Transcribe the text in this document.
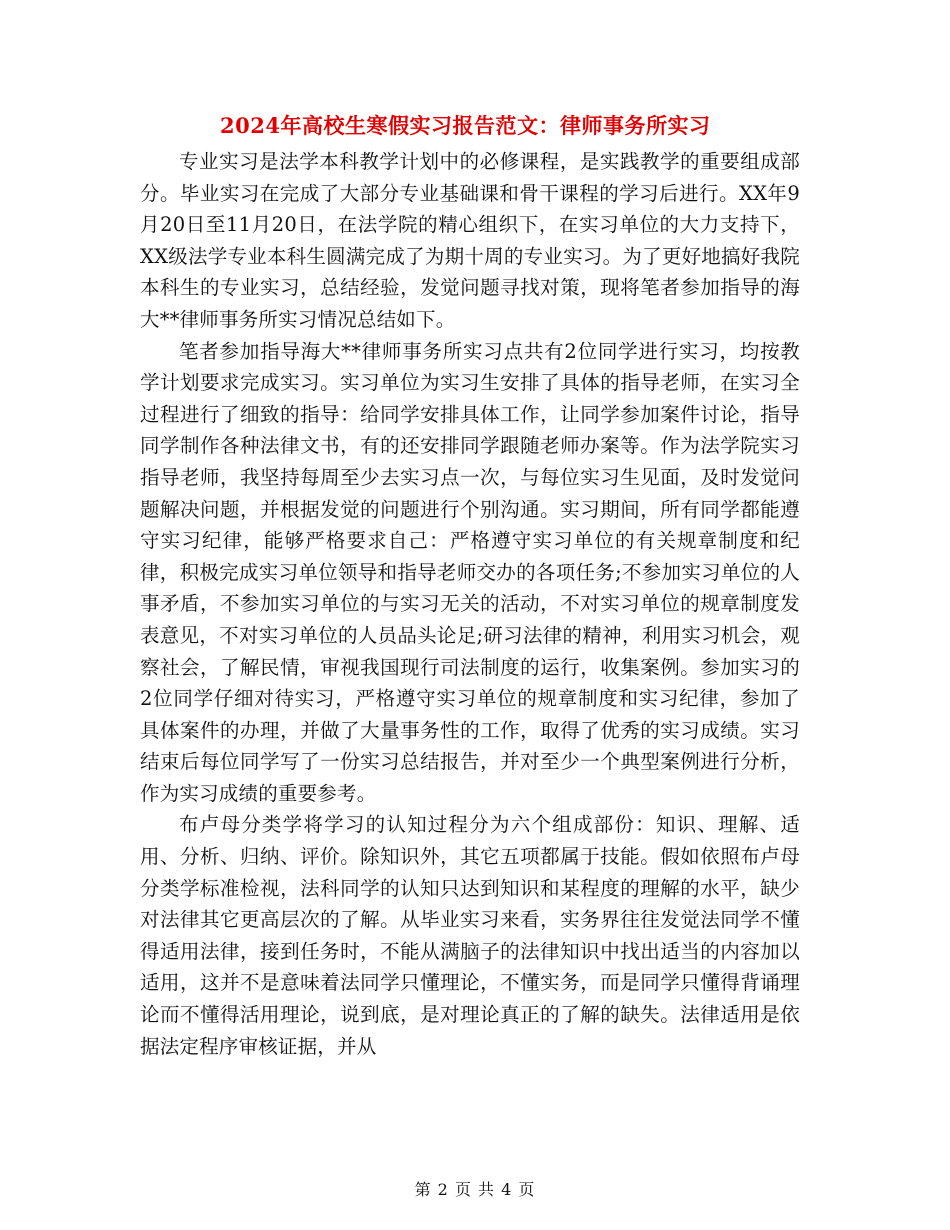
2024年高校生寒假实习报告范文：律师事务所实习

专业实习是法学本科教学计划中的必修课程，是实践教学的重要组成部分。毕业实习在完成了大部分专业基础课和骨干课程的学习后进行。XX年9月20日至11月20日，在法学院的精心组织下，在实习单位的大力支持下，XX级法学专业本科生圆满完成了为期十周的专业实习。为了更好地搞好我院本科生的专业实习，总结经验，发觉问题寻找对策，现将笔者参加指导的海大**律师事务所实习情况总结如下。

笔者参加指导海大**律师事务所实习点共有2位同学进行实习，均按教学计划要求完成实习。实习单位为实习生安排了具体的指导老师，在实习全过程进行了细致的指导：给同学安排具体工作，让同学参加案件讨论，指导同学制作各种法律文书，有的还安排同学跟随老师办案等。作为法学院实习指导老师，我坚持每周至少去实习点一次，与每位实习生见面，及时发觉问题解决问题，并根据发觉的问题进行个别沟通。实习期间，所有同学都能遵守实习纪律，能够严格要求自己：严格遵守实习单位的有关规章制度和纪律，积极完成实习单位领导和指导老师交办的各项任务;不参加实习单位的人事矛盾，不参加实习单位的与实习无关的活动，不对实习单位的规章制度发表意见，不对实习单位的人员品头论足;研习法律的精神，利用实习机会，观察社会，了解民情，审视我国现行司法制度的运行，收集案例。参加实习的2位同学仔细对待实习，严格遵守实习单位的规章制度和实习纪律，参加了具体案件的办理，并做了大量事务性的工作，取得了优秀的实习成绩。实习结束后每位同学写了一份实习总结报告，并对至少一个典型案例进行分析，作为实习成绩的重要参考。

布卢母分类学将学习的认知过程分为六个组成部份：知识、理解、适用、分析、归纳、评价。除知识外，其它五项都属于技能。假如依照布卢母分类学标准检视，法科同学的认知只达到知识和某程度的理解的水平，缺少对法律其它更高层次的了解。从毕业实习来看，实务界往往发觉法同学不懂得适用法律，接到任务时，不能从满脑子的法律知识中找出适当的内容加以适用，这并不是意味着法同学只懂理论，不懂实务，而是同学只懂得背诵理论而不懂得活用理论，说到底，是对理论真正的了解的缺失。法律适用是依据法定程序审核证据，并从

第 2 页 共 4 页
